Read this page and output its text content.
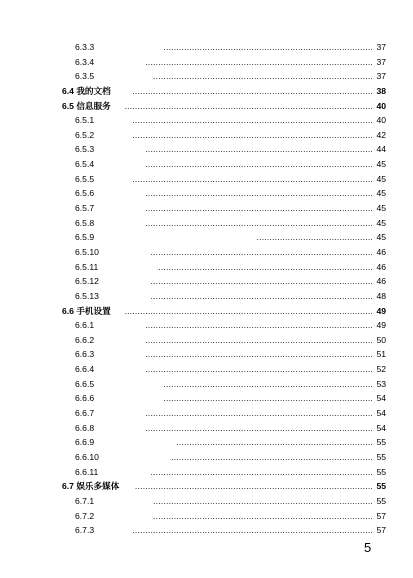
6.3.3 .....	37
6.3.4 .....	37
6.3.5 .....	37
6.4 我的文档 .....	38
6.5 信息服务 .....	40
6.5.1 .....	40
6.5.2 .....	42
6.5.3 .....	44
6.5.4 .....	45
6.5.5 .....	45
6.5.6 .....	45
6.5.7 .....	45
6.5.8 .....	45
6.5.9 .....	45
6.5.10 .....	46
6.5.11 .....	46
6.5.12 .....	46
6.5.13 .....	48
6.6 手机设置 .....	49
6.6.1 .....	49
6.6.2 .....	50
6.6.3 .....	51
6.6.4 .....	52
6.6.5 .....	53
6.6.6 .....	54
6.6.7 .....	54
6.6.8 .....	54
6.6.9 .....	55
6.6.10 .....	55
6.6.11 .....	55
6.7 娱乐多媒体 .....	55
6.7.1 .....	55
6.7.2 .....	57
6.7.3 .....	57
5
